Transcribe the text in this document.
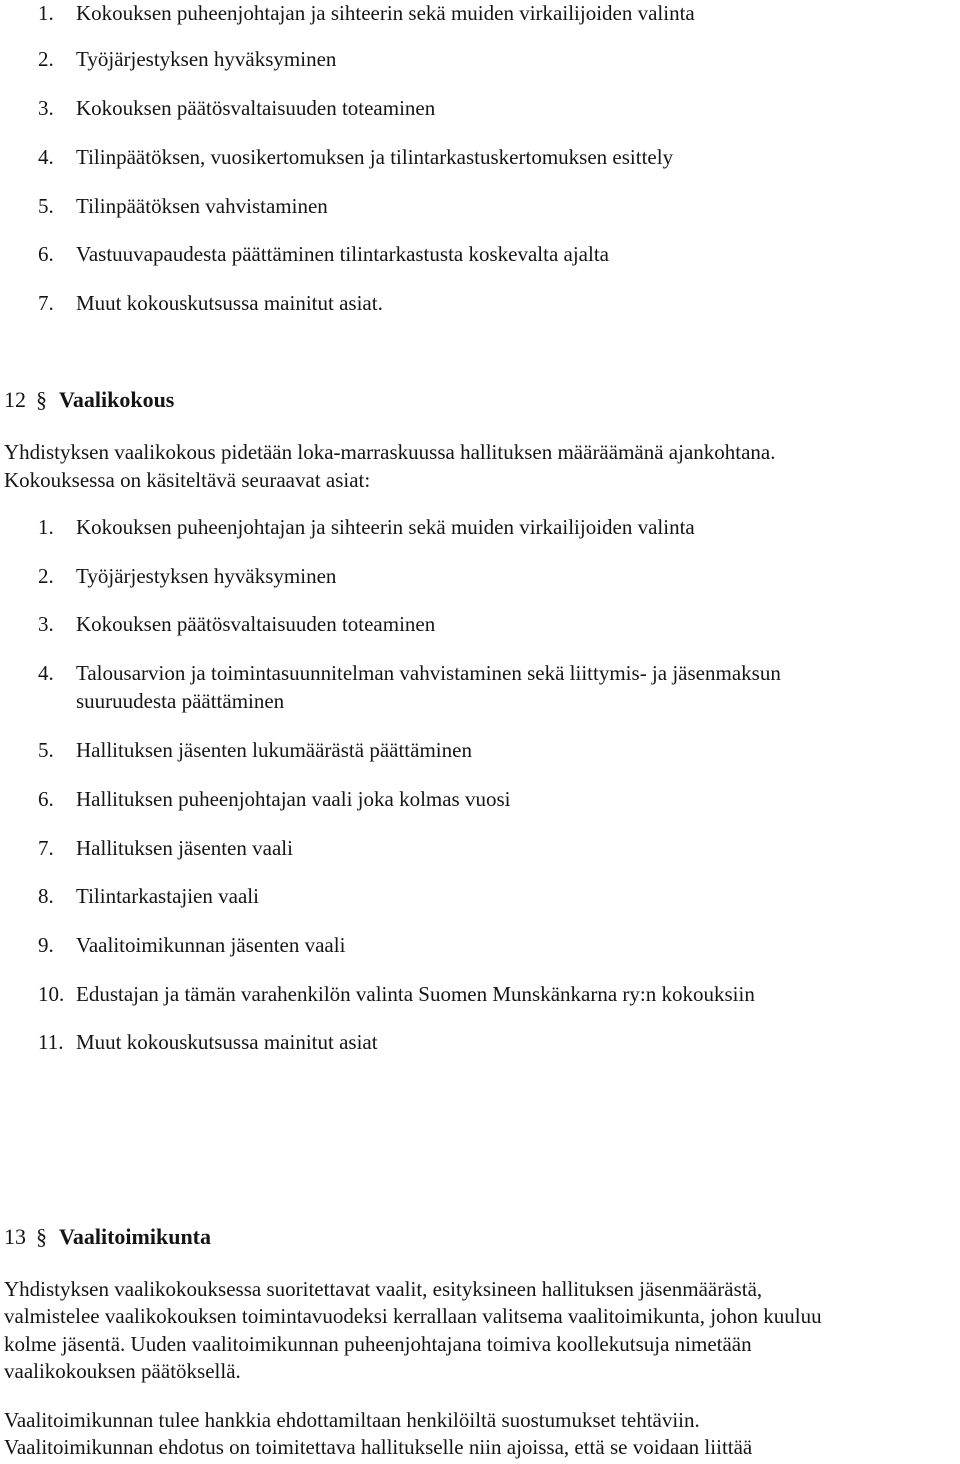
1. Kokouksen puheenjohtajan ja sihteerin sekä muiden virkailijoiden valinta
2. Työjärjestyksen hyväksyminen
3. Kokouksen päätösvaltaisuuden toteaminen
4. Tilinpäätöksen, vuosikertomuksen ja tilintarkastuskertomuksen esittely
5. Tilinpäätöksen vahvistaminen
6. Vastuuvapaudesta päättäminen tilintarkastusta koskevalta ajalta
7. Muut kokouskutsussa mainitut asiat.
12 § Vaalikokous
Yhdistyksen vaalikokous pidetään loka-marraskuussa hallituksen määräämänä ajankohtana.
Kokouksessa on käsiteltävä seuraavat asiat:
1. Kokouksen puheenjohtajan ja sihteerin sekä muiden virkailijoiden valinta
2. Työjärjestyksen hyväksyminen
3. Kokouksen päätösvaltaisuuden toteaminen
4. Talousarvion ja toimintasuunnitelman vahvistaminen sekä liittymis- ja jäsenmaksun
suuruudesta päättäminen
5. Hallituksen jäsenten lukumäärästä päättäminen
6. Hallituksen puheenjohtajan vaali joka kolmas vuosi
7. Hallituksen jäsenten vaali
8. Tilintarkastajien vaali
9. Vaalitoimikunnan jäsenten vaali
10. Edustajan ja tämän varahenkilön valinta Suomen Munskänkarna ry:n kokouksiin
11. Muut kokouskutsussa mainitut asiat
13 § Vaalitoimikunta
Yhdistyksen vaalikokouksessa suoritettavat vaalit, esityksineen hallituksen jäsenmäärästä,
valmistelee vaalikokouksen toimintavuodeksi kerrallaan valitsema vaalitoimikunta, johon kuuluu
kolme jäsentä. Uuden vaalitoimikunnan puheenjohtajana toimiva koollekutsuja nimetään
vaalikokouksen päätöksellä.
Vaalitoimikunnan tulee hankkia ehdottamiltaan henkilöiltä suostumukset tehtäviin.
Vaalitoimikunnan ehdotus on toimitettava hallitukselle niin ajoissa, että se voidaan liittää
